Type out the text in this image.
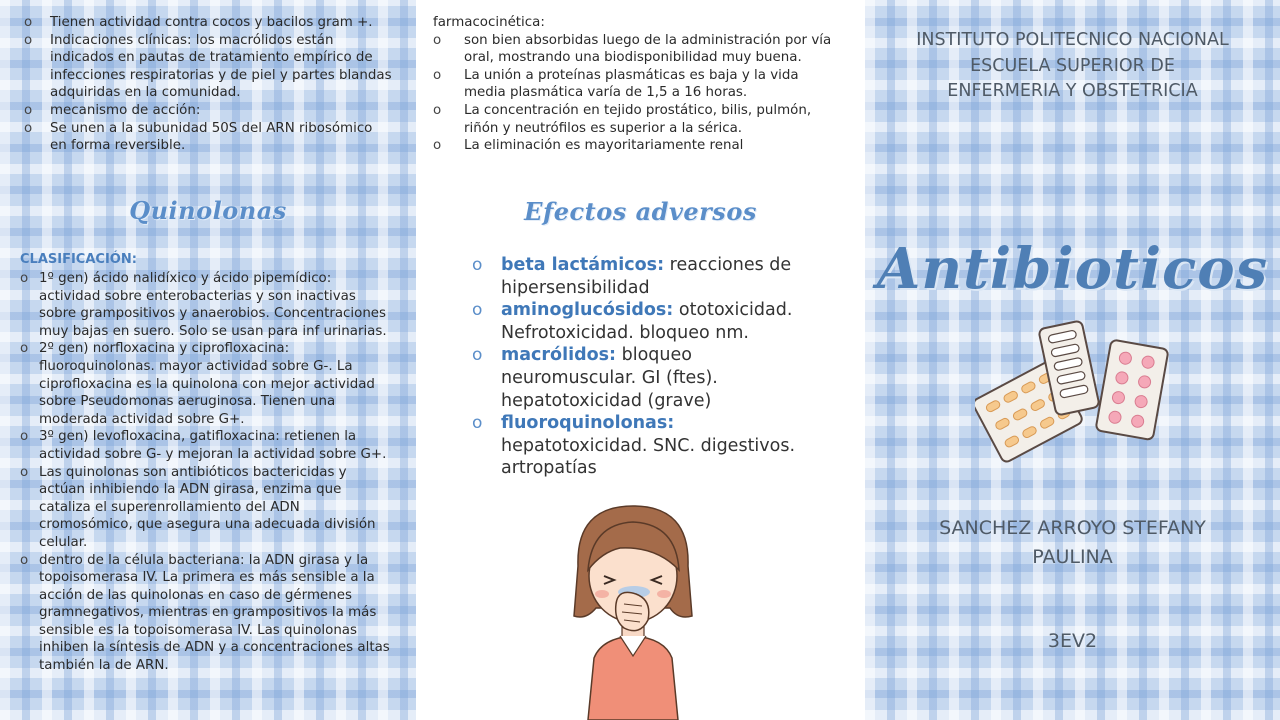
o Tienen actividad contra cocos y bacilos gram +.
o Indicaciones clínicas: los macrólidos están indicados en pautas de tratamiento empírico de infecciones respiratorias y de piel y partes blandas adquiridas en la comunidad.
o mecanismo de acción:
o Se unen a la subunidad 50S del ARN ribosómico en forma reversible.
Quinolonas
CLASIFICACIÓN:
o 1º gen) ácido nalidíxico y ácido pipemídico: actividad sobre enterobacterias y son inactivas sobre grampositivos y anaerobios. Concentraciones muy bajas en suero. Solo se usan para inf urinarias.
o 2º gen) norfloxacina y ciprofloxacina: fluoroquinolonas. mayor actividad sobre G-. La ciprofloxacina es la quinolona con mejor actividad sobre Pseudomonas aeruginosa. Tienen una moderada actividad sobre G+.
o 3º gen) levofloxacina, gatifloxacina: retienen la actividad sobre G- y mejoran la actividad sobre G+.
o Las quinolonas son antibióticos bactericidas y actúan inhibiendo la ADN girasa, enzima que cataliza el superenrollamiento del ADN cromosómico, que asegura una adecuada división celular.
o dentro de la célula bacteriana: la ADN girasa y la topoisomerasa IV. La primera es más sensible a la acción de las quinolonas en caso de gérmenes gramnegativos, mientras en grampositivos la más sensible es la topoisomerasa IV. Las quinolonas inhiben la síntesis de ADN y a concentraciones altas también la de ARN.
farmacocinética:
o son bien absorbidas luego de la administración por vía oral, mostrando una biodisponibilidad muy buena.
o La unión a proteínas plasmáticas es baja y la vida media plasmática varía de 1,5 a 16 horas.
o La concentración en tejido prostático, bilis, pulmón, riñón y neutrófilos es superior a la sérica.
o La eliminación es mayoritariamente renal
Efectos adversos
o beta lactámicos: reacciones de hipersensibilidad
o aminoglucósidos: ototoxicidad. Nefrotoxicidad. bloqueo nm.
o macrólidos: bloqueo neuromuscular. GI (ftes). hepatotoxicidad (grave)
o fluoroquinolonas:
hepatotoxicidad. SNC. digestivos. artropatías
INSTITUTO POLITECNICO NACIONAL
ESCUELA SUPERIOR DE
ENFERMERIA Y OBSTETRICIA
Antibioticos
SANCHEZ ARROYO STEFANY
PAULINA
3EV2
